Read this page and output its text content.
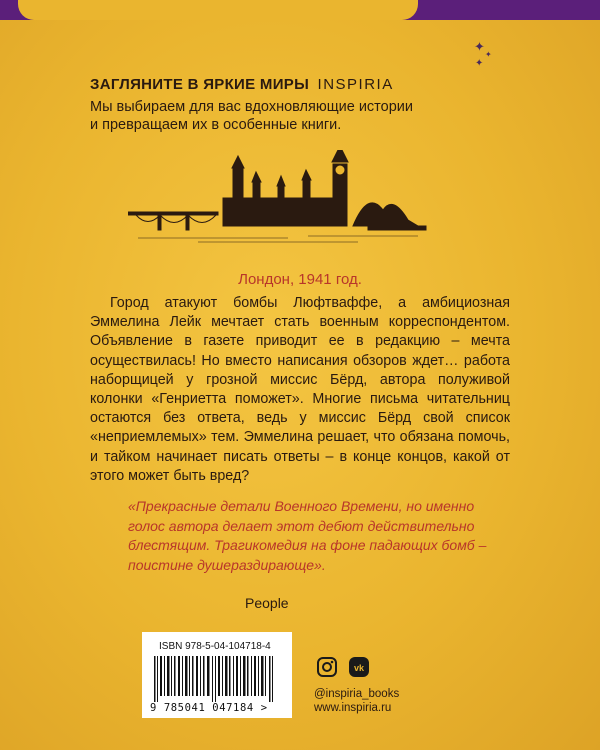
✦ ✦
✦
ЗАГЛЯНИТЕ В ЯРКИЕ МИРЫ INSPIRIA
Мы выбираем для вас вдохновляющие истории
и превращаем их в особенные книги.
Лондон, 1941 год.

Город атакуют бомбы Люфтваффе, а амбициозная Эммелина Лейк мечтает стать военным корреспондентом. Объявление в газете приводит ее в редакцию – мечта осуществилась! Но вместо написания обзоров ждет… работа наборщицей у грозной миссис Бёрд, автора полуживой колонки «Генриетта поможет». Многие письма читательниц остаются без ответа, ведь у миссис Бёрд свой список «неприемлемых» тем. Эммелина решает, что обязана помочь, и тайком начинает писать ответы – в конце концов, какой от этого может быть вред?

«Прекрасные детали Военного Времени, но именно голос автора делает этот дебют действительно блестящим. Трагикомедия на фоне падающих бомб – поистине душераздирающе».
People
ISBN 978-5-04-104718-4
9 785041 047184 >

vk
@inspiria_books
www.inspiria.ru
